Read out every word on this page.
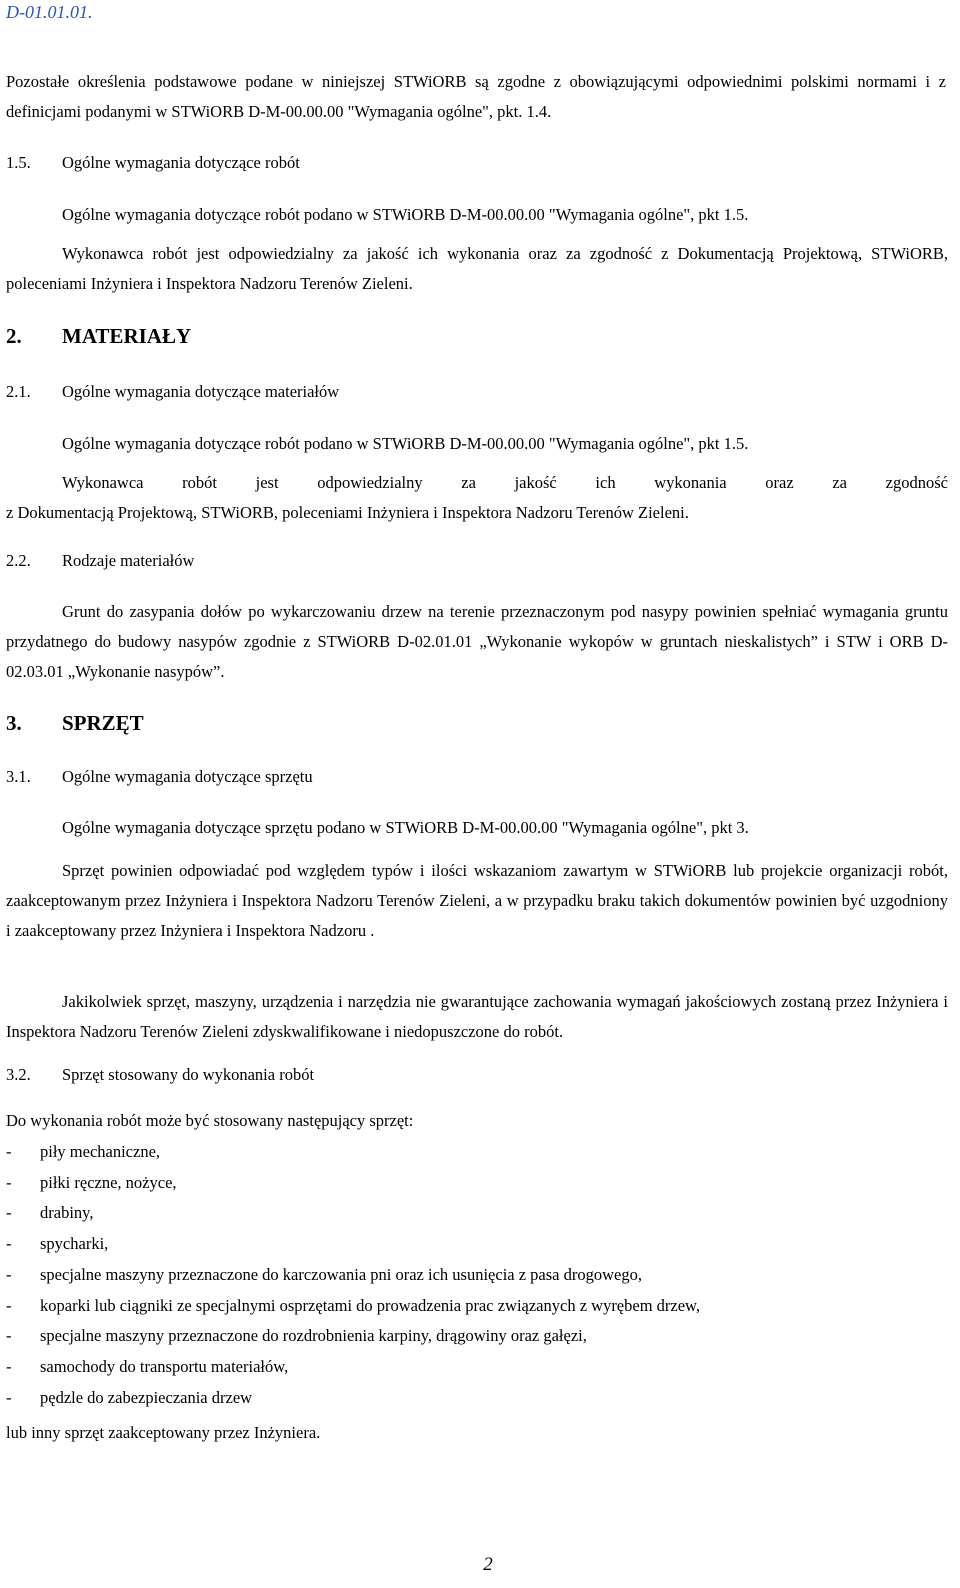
D-01.01.01.

Pozostałe określenia podstawowe podane w niniejszej STWiORB są zgodne z obowiązującymi odpowiednimi polskimi normami i z definicjami podanymi w STWiORB D-M-00.00.00 "Wymagania ogólne", pkt. 1.4.

1.5. Ogólne wymagania dotyczące robót

Ogólne wymagania dotyczące robót podano w STWiORB D-M-00.00.00 "Wymagania ogólne", pkt 1.5.

Wykonawca robót jest odpowiedzialny za jakość ich wykonania oraz za zgodność z Dokumentacją Projektową, STWiORB, poleceniami Inżyniera i Inspektora Nadzoru Terenów Zieleni.

2. MATERIAŁY
2.1. Ogólne wymagania dotyczące materiałów

Ogólne wymagania dotyczące robót podano w STWiORB D-M-00.00.00 "Wymagania ogólne", pkt 1.5.

Wykonawca robót jest odpowiedzialny za jakość ich wykonania oraz za zgodność

z Dokumentacją Projektową, STWiORB, poleceniami Inżyniera i Inspektora Nadzoru Terenów Zieleni.

2.2. Rodzaje materiałów

Grunt do zasypania dołów po wykarczowaniu drzew na terenie przeznaczonym pod nasypy powinien spełniać wymagania gruntu przydatnego do budowy nasypów zgodnie z STWiORB D-02.01.01 „Wykonanie wykopów w gruntach nieskalistych” i STW i ORB D-02.03.01 „Wykonanie nasypów”.

3. SPRZĘT
3.1. Ogólne wymagania dotyczące sprzętu

Ogólne wymagania dotyczące sprzętu podano w STWiORB D-M-00.00.00 "Wymagania ogólne", pkt 3.

Sprzęt powinien odpowiadać pod względem typów i ilości wskazaniom zawartym w STWiORB lub projekcie organizacji robót, zaakceptowanym przez Inżyniera i Inspektora Nadzoru Terenów Zieleni, a w przypadku braku takich dokumentów powinien być uzgodniony i zaakceptowany przez Inżyniera i Inspektora Nadzoru .

Jakikolwiek sprzęt, maszyny, urządzenia i narzędzia nie gwarantujące zachowania wymagań jakościowych zostaną przez Inżyniera i Inspektora Nadzoru Terenów Zieleni zdyskwalifikowane i niedopuszczone do robót.

3.2. Sprzęt stosowany do wykonania robót
Do wykonania robót może być stosowany następujący sprzęt:
- piły mechaniczne,
- piłki ręczne, nożyce,
- drabiny,
- spycharki,
- specjalne maszyny przeznaczone do karczowania pni oraz ich usunięcia z pasa drogowego,
- koparki lub ciągniki ze specjalnymi osprzętami do prowadzenia prac związanych z wyrębem drzew,
- specjalne maszyny przeznaczone do rozdrobnienia karpiny, drągowiny oraz gałęzi,
- samochody do transportu materiałów,
- pędzle do zabezpieczania drzew
lub inny sprzęt zaakceptowany przez Inżyniera.
2
